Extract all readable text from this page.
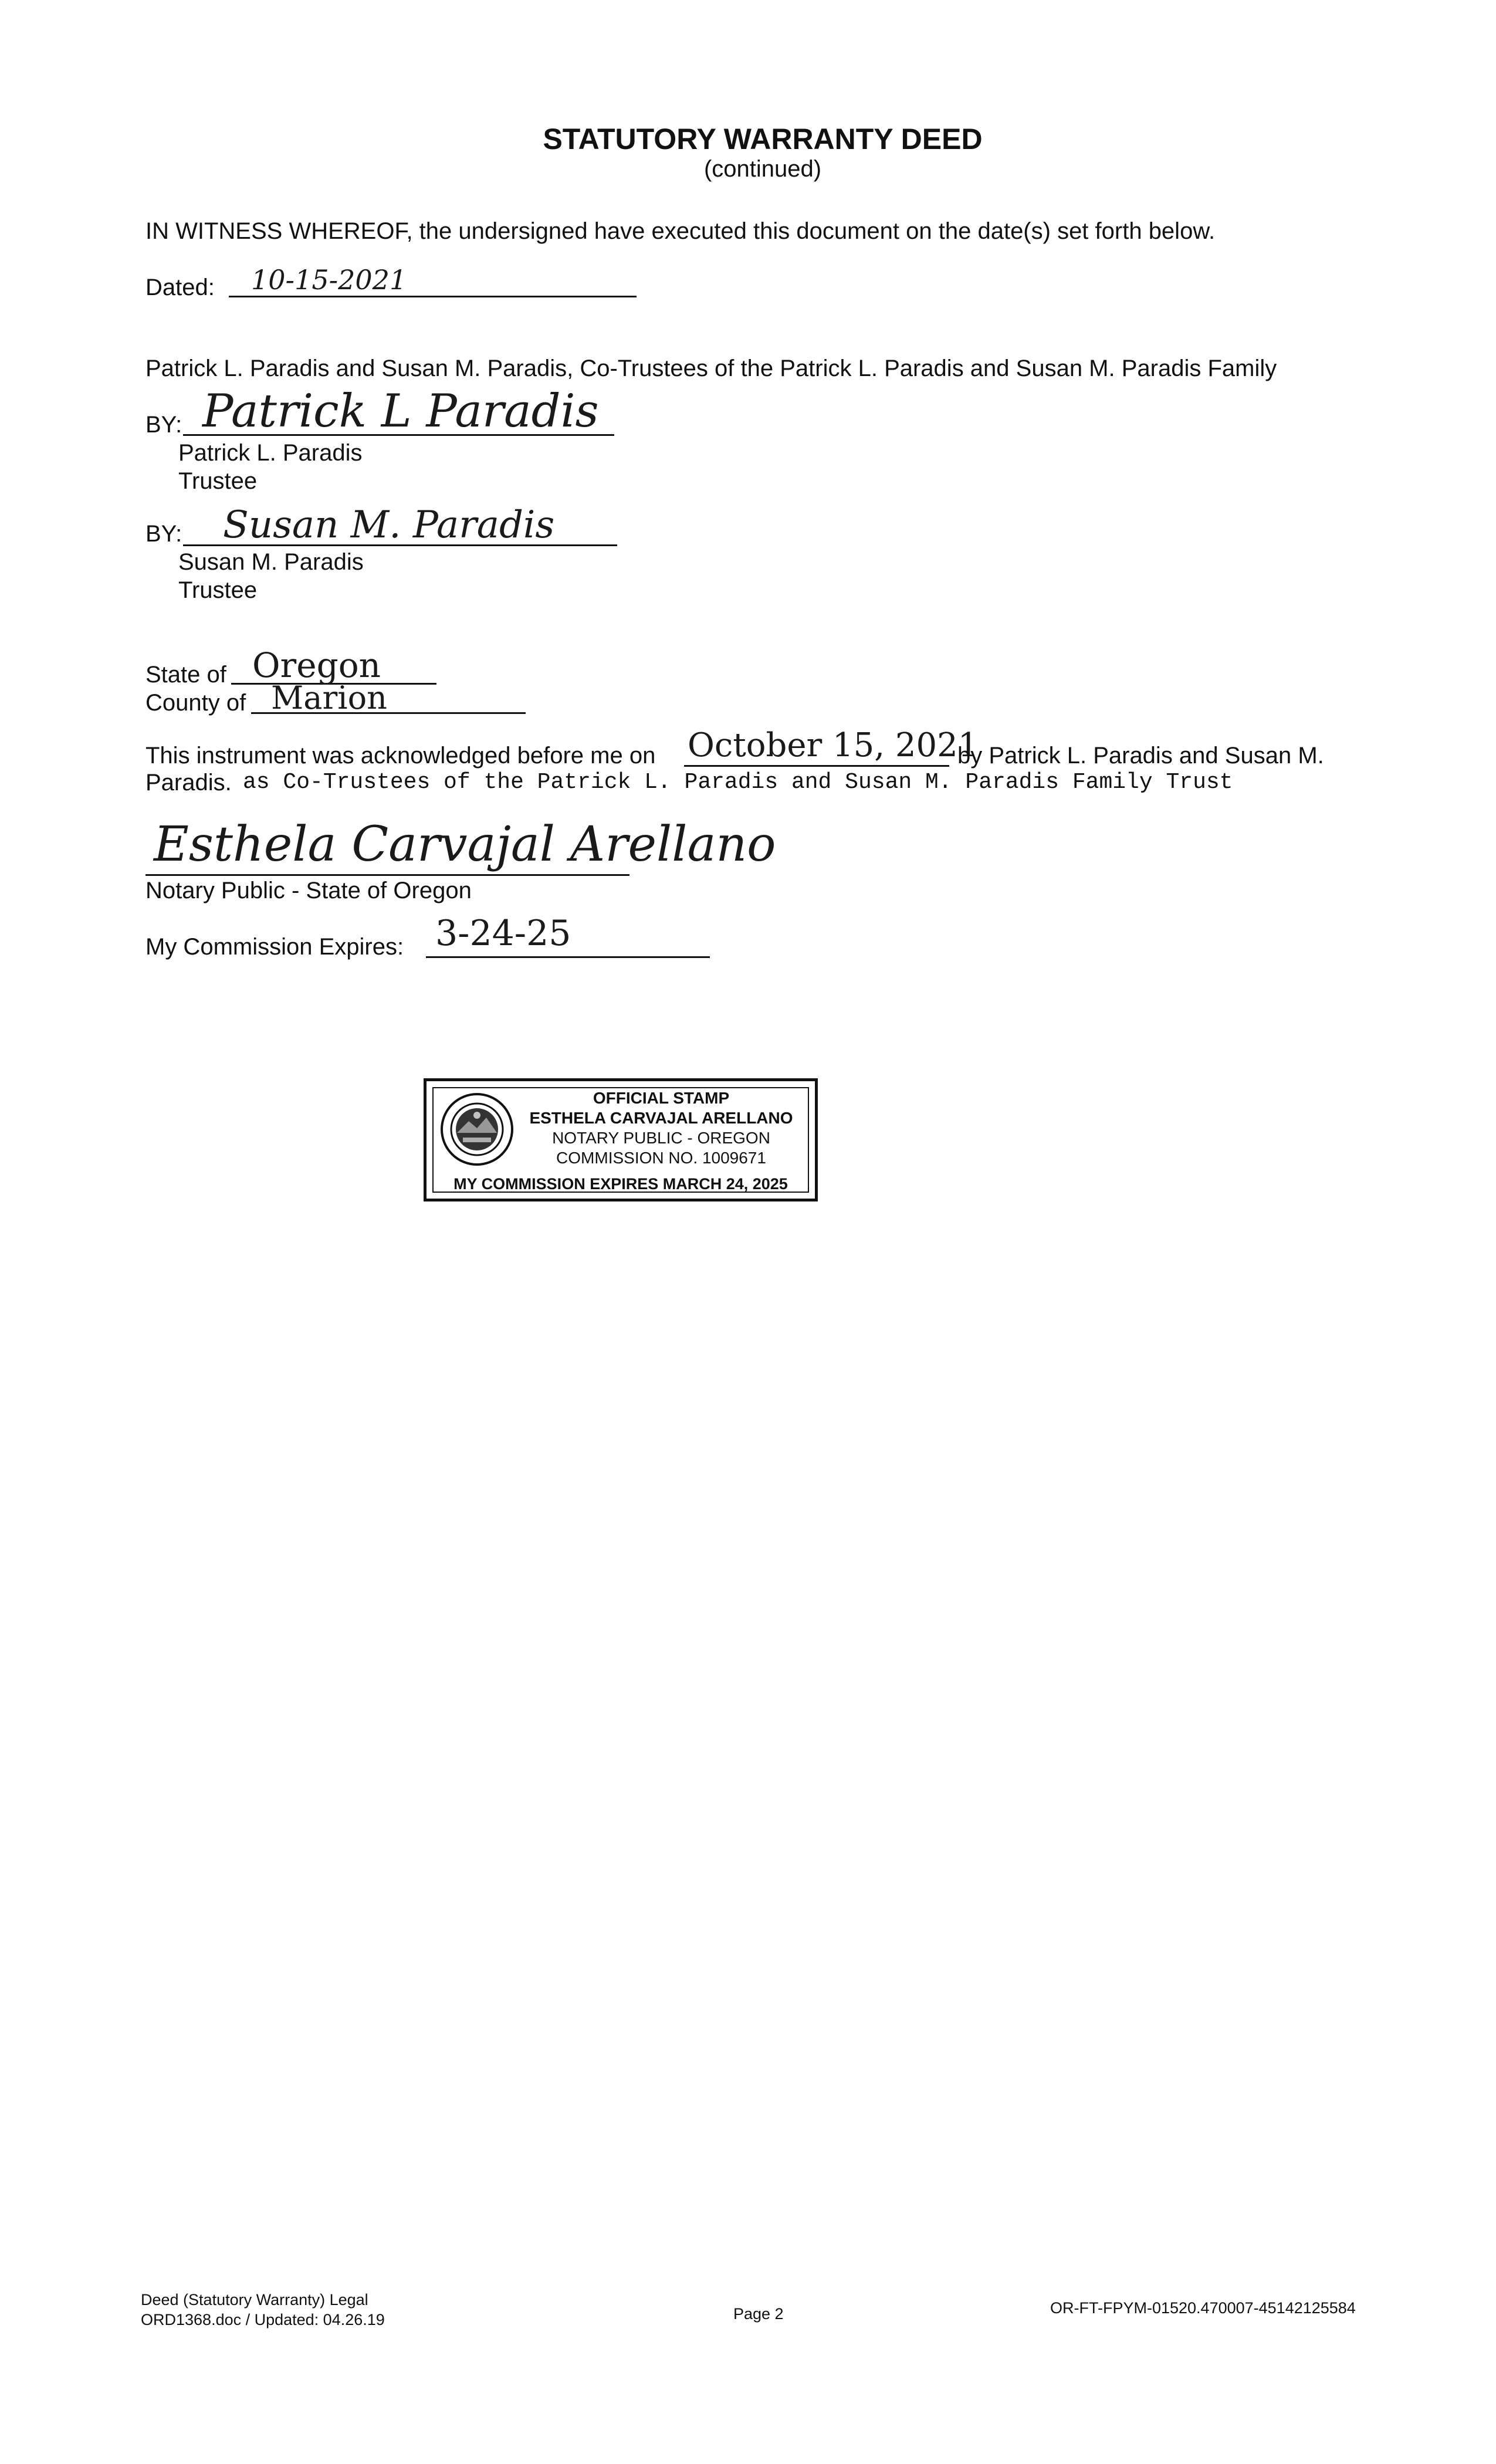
STATUTORY WARRANTY DEED
(continued)
IN WITNESS WHEREOF, the undersigned have executed this document on the date(s) set forth below.
Dated: 10-15-2021
Patrick L. Paradis and Susan M. Paradis, Co-Trustees of the Patrick L. Paradis and Susan M. Paradis Family
BY: Patrick L Paradis
Patrick L. Paradis
Trustee
BY: Susan M. Paradis
Susan M. Paradis
Trustee
State of Oregon
County of Marion
This instrument was acknowledged before me on October 15, 2021
by Patrick L. Paradis and Susan M.
Paradis. as Co-Trustees of the Patrick L. Paradis and Susan M. Paradis Family Trust
Esthela Carvajal Arellano
Notary Public - State of Oregon
My Commission Expires: 3-24-25
OFFICIAL STAMP
ESTHELA CARVAJAL ARELLANO
NOTARY PUBLIC - OREGON
COMMISSION NO. 1009671
MY COMMISSION EXPIRES MARCH 24, 2025
Deed (Statutory Warranty) Legal
ORD1368.doc / Updated: 04.26.19	Page 2	OR-FT-FPYM-01520.470007-45142125584
